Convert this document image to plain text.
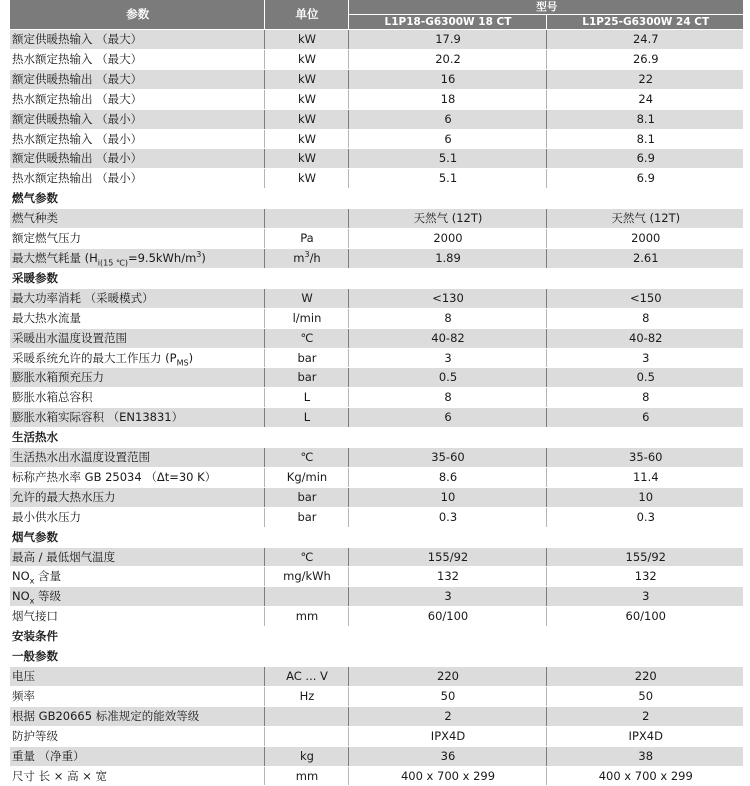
参数	单位	型号	
		L1P18-G6300W 18 CT	L1P25-G6300W 24 CT
额定供暖热输入 （最大）	kW	17.9	24.7
热水额定热输入 （最大）	kW	20.2	26.9
额定供暖热输出 （最大）	kW	16	22
热水额定热输出 （最大）	kW	18	24
额定供暖热输入 （最小）	kW	6	8.1
热水额定热输入 （最小）	kW	6	8.1
额定供暖热输出 （最小）	kW	5.1	6.9
热水额定热输出 （最小）	kW	5.1	6.9
燃气参数			
燃气种类		天然气 (12T)	天然气 (12T)
额定燃气压力	Pa	2000	2000
最大燃气耗量 $(H_{i(15 ℃)}=9.5kWh/m^3)$	$m^3/h$	1.89	2.61
采暖参数			
最大功率消耗 （采暖模式）	W	<130	<150
最大热水流量	l/min	8	8
采暖出水温度设置范围	℃	40-82	40-82
采暖系统允许的最大工作压力 $(P_{MS})$	bar	3	3
膨胀水箱预充压力	bar	0.5	0.5
膨胀水箱总容积	L	8	8
膨胀水箱实际容积 （EN13831）	L	6	6
生活热水			
生活热水出水温度设置范围	℃	35-60	35-60
标称产热水率 GB 25034 （Δt=30 K）	Kg/min	8.6	11.4
允许的最大热水压力	bar	10	10
最小供水压力	bar	0.3	0.3
烟气参数			
最高 / 最低烟气温度	℃	155/92	155/92
$NO_x$ 含量	mg/kWh	132	132
$NO_x$ 等级		3	3
烟气接口	mm	60/100	60/100
安装条件			
一般参数			
电压	AC ... V	220	220
频率	Hz	50	50
根据 GB20665 标准规定的能效等级		2	2
防护等级		IPX4D	IPX4D
重量 （净重）	kg	36	38
尺寸 长 × 高 × 宽	mm	400 x 700 x 299	400 x 700 x 299
